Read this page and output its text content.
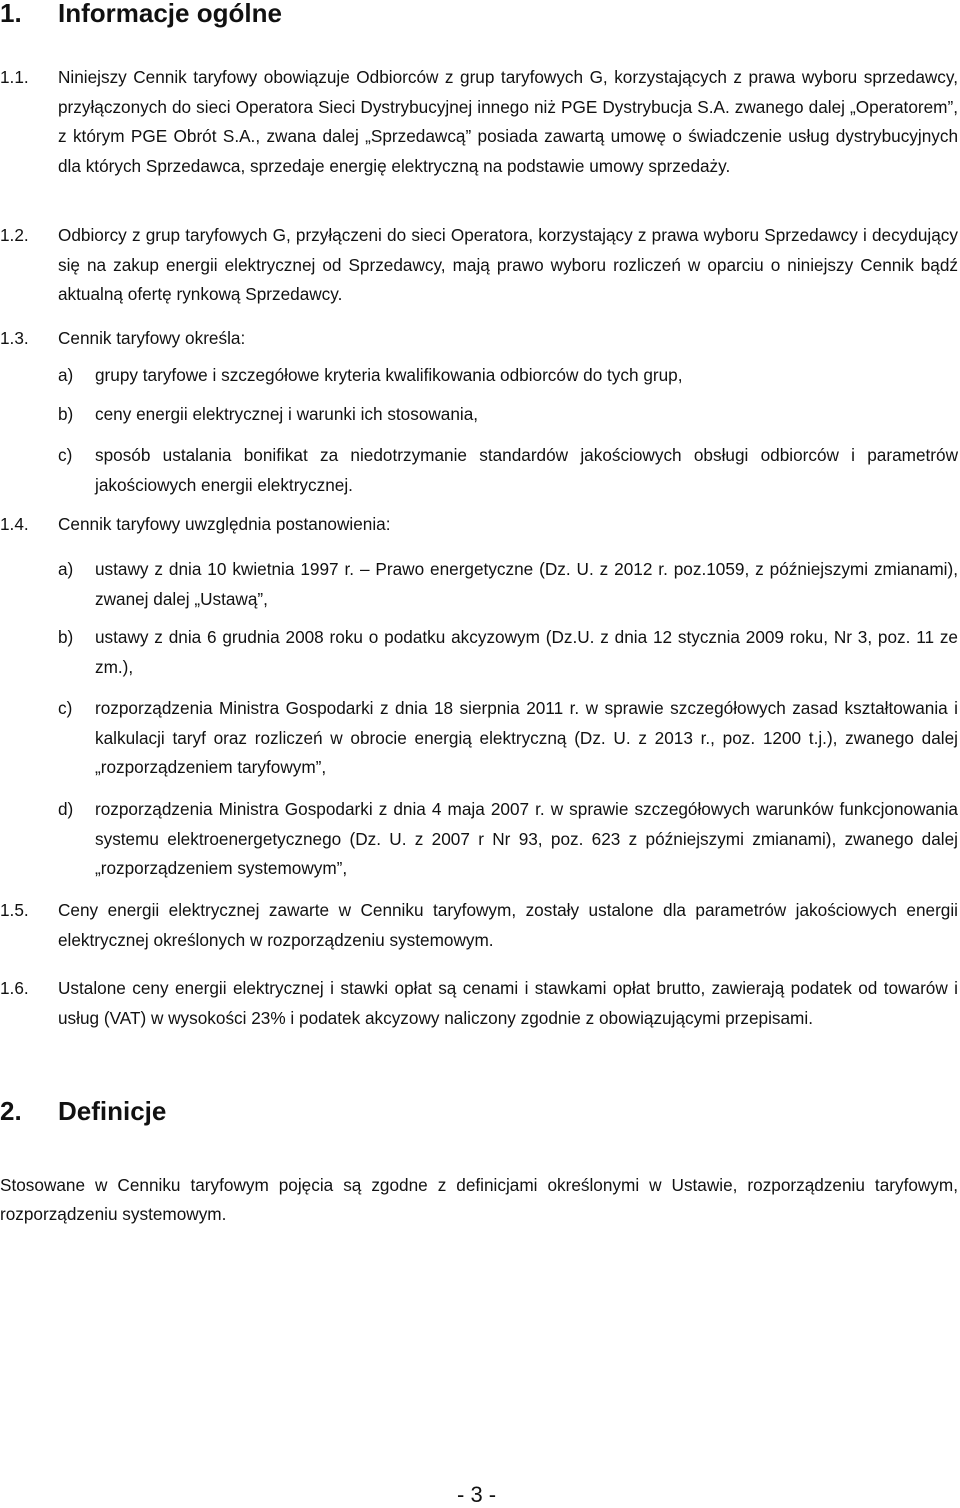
1. Informacje ogólne
1.1. Niniejszy Cennik taryfowy obowiązuje Odbiorców z grup taryfowych G, korzystających z prawa wyboru sprzedawcy, przyłączonych do sieci Operatora Sieci Dystrybucyjnej innego niż PGE Dystrybucja S.A. zwanego dalej „Operatorem”, z którym PGE Obrót S.A., zwana dalej „Sprzedawcą” posiada zawartą umowę o świadczenie usług dystrybucyjnych dla których Sprzedawca, sprzedaje energię elektryczną na podstawie umowy sprzedaży.
1.2. Odbiorcy z grup taryfowych G, przyłączeni do sieci Operatora, korzystający z prawa wyboru Sprzedawcy i decydujący się na zakup energii elektrycznej od Sprzedawcy, mają prawo wyboru rozliczeń w oparciu o niniejszy Cennik bądź aktualną ofertę rynkową Sprzedawcy.
1.3. Cennik taryfowy określa:
a) grupy taryfowe i szczegółowe kryteria kwalifikowania odbiorców do tych grup,
b) ceny energii elektrycznej i warunki ich stosowania,
c) sposób ustalania bonifikat za niedotrzymanie standardów jakościowych obsługi odbiorców i parametrów jakościowych energii elektrycznej.
1.4. Cennik taryfowy uwzględnia postanowienia:
a) ustawy z dnia 10 kwietnia 1997 r. – Prawo energetyczne (Dz. U. z 2012 r. poz.1059, z późniejszymi zmianami), zwanej dalej „Ustawą”,
b) ustawy z dnia 6 grudnia 2008 roku o podatku akcyzowym (Dz.U. z dnia 12 stycznia 2009 roku, Nr 3, poz. 11 ze zm.),
c) rozporządzenia Ministra Gospodarki z dnia 18 sierpnia 2011 r. w sprawie szczegółowych zasad kształtowania i kalkulacji taryf oraz rozliczeń w obrocie energią elektryczną (Dz. U. z 2013 r., poz. 1200 t.j.), zwanego dalej „rozporządzeniem taryfowym”,
d) rozporządzenia Ministra Gospodarki z dnia 4 maja 2007 r. w sprawie szczegółowych warunków funkcjonowania systemu elektroenergetycznego (Dz. U. z 2007 r Nr 93, poz. 623 z późniejszymi zmianami), zwanego dalej „rozporządzeniem systemowym”,
1.5. Ceny energii elektrycznej zawarte w Cenniku taryfowym, zostały ustalone dla parametrów jakościowych energii elektrycznej określonych w rozporządzeniu systemowym.
1.6. Ustalone ceny energii elektrycznej i stawki opłat są cenami i stawkami opłat brutto, zawierają podatek od towarów i usług (VAT) w wysokości 23% i podatek akcyzowy naliczony zgodnie z obowiązującymi przepisami.
2. Definicje

Stosowane w Cenniku taryfowym pojęcia są zgodne z definicjami określonymi w Ustawie, rozporządzeniu taryfowym, rozporządzeniu systemowym.

- 3 -
